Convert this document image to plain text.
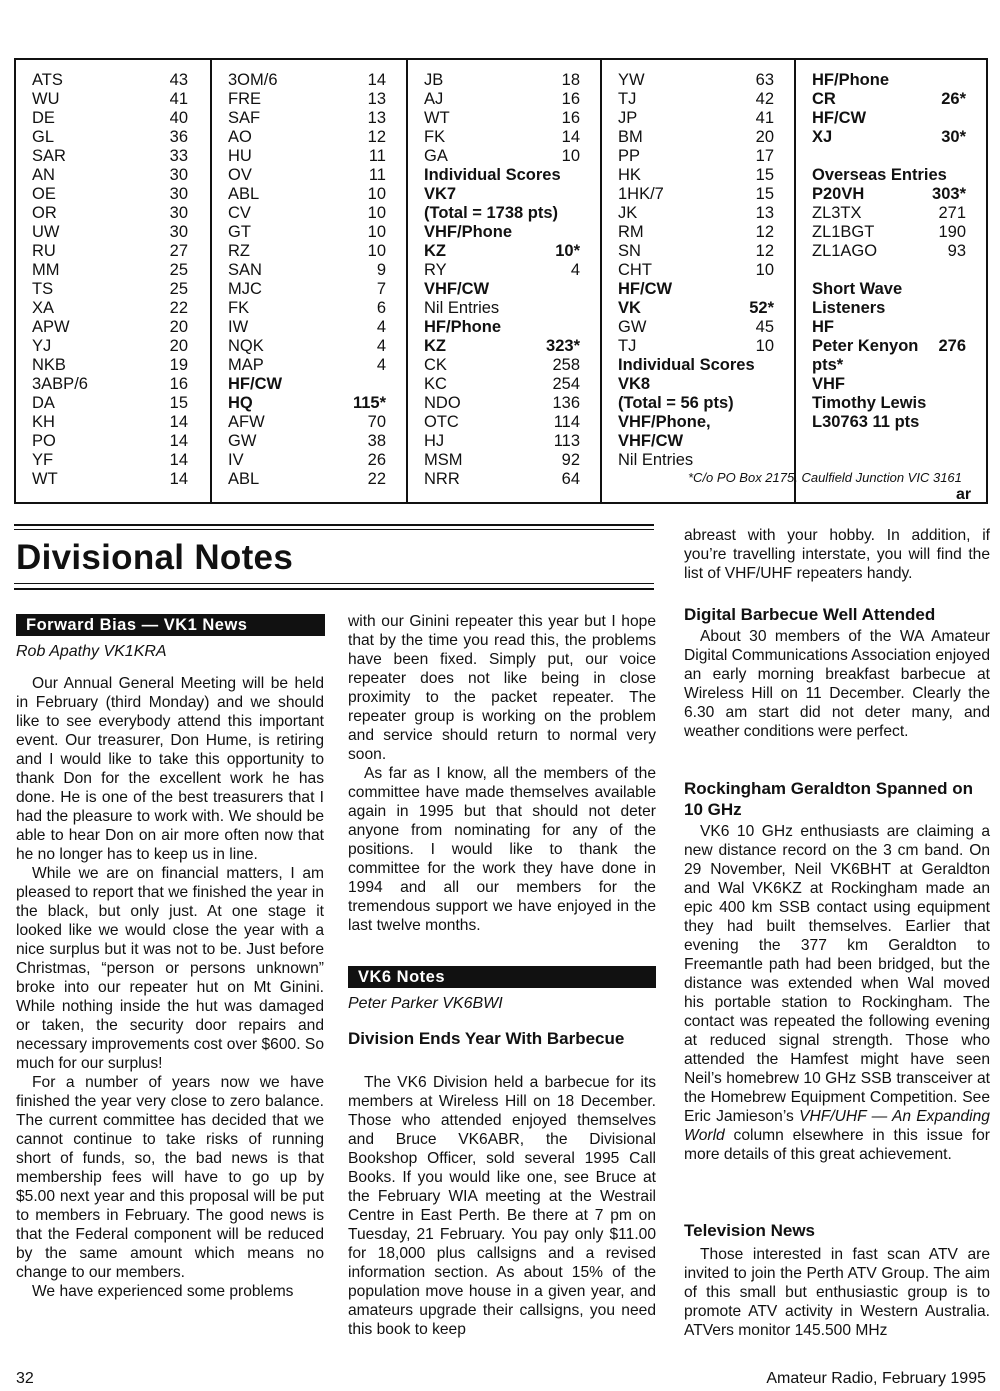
ATS	43
WU	41
DE	40
GL	36
SAR	33
AN	30
OE	30
OR	30
UW	30
RU	27
MM	25
TS	25
XA	22
APW	20
YJ	20
NKB	19
3ABP/6	16
DA	15
KH	14
PO	14
YF	14
WT	14
3OM/6	14
FRE	13
SAF	13
AO	12
HU	11
OV	11
ABL	10
CV	10
GT	10
RZ	10
SAN	9
MJC	7
FK	6
IW	4
NQK	4
MAP	4
HF/CW
HQ	115*
AFW	70
GW	38
IV	26
ABL	22
JB	18
AJ	16
WT	16
FK	14
GA	10
Individual Scores
VK7
(Total = 1738 pts)
VHF/Phone
KZ	10*
RY	4
VHF/CW
Nil Entries
HF/Phone
KZ	323*
CK	258
KC	254
NDO	136
OTC	114
HJ	113
MSM	92
NRR	64
YW	63
TJ	42
JP	41
BM	20
PP	17
HK	15
1HK/7	15
JK	13
RM	12
SN	12
CHT	10
HF/CW
VK	52*
GW	45
TJ	10
Individual Scores
VK8
(Total = 56 pts)
VHF/Phone,
VHF/CW
Nil Entries
HF/Phone
CR	26*
HF/CW
XJ	30*
Overseas Entries
P20VH	303*
ZL3TX	271
ZL1BGT	190
ZL1AGO	93
Short Wave
Listeners
HF
Peter Kenyon 276
pts*
VHF
Timothy Lewis
L30763 11 pts
*C/o PO Box 2175, Caulfield Junction VIC 3161
ar
Divisional Notes
Forward Bias — VK1 News
Rob Apathy VK1KRA

Our Annual General Meeting will be held in February (third Monday) and we should like to see everybody attend this important event. Our treasurer, Don Hume, is retiring and I would like to take this opportunity to thank Don for the excellent work he has done. He is one of the best treasurers that I had the pleasure to work with. We should be able to hear Don on air more often now that he no longer has to keep us in line.

While we are on financial matters, I am pleased to report that we finished the year in the black, but only just. At one stage it looked like we would close the year with a nice surplus but it was not to be. Just before Christmas, “person or persons unknown” broke into our repeater hut on Mt Ginini. While nothing inside the hut was damaged or taken, the security door repairs and necessary improvements cost over $600. So much for our surplus!

For a number of years now we have finished the year very close to zero balance. The current committee has decided that we cannot continue to take risks of running short of funds, so, the bad news is that membership fees will have to go up by $5.00 next year and this proposal will be put to members in February. The good news is that the Federal component will be reduced by the same amount which means no change to our members.

We have experienced some problems

with our Ginini repeater this year but I hope that by the time you read this, the problems have been fixed. Simply put, our voice repeater does not like being in close proximity to the packet repeater. The repeater group is working on the problem and service should return to normal very soon.

As far as I know, all the members of the committee have made themselves available again in 1995 but that should not deter anyone from nominating for any of the positions. I would like to thank the committee for the work they have done in 1994 and all our members for the tremendous support we have enjoyed in the last twelve months.

VK6 Notes
Peter Parker VK6BWI
Division Ends Year With Barbecue

The VK6 Division held a barbecue for its members at Wireless Hill on 18 December. Those who attended enjoyed themselves and Bruce VK6ABR, the Divisional Bookshop Officer, sold several 1995 Call Books. If you would like one, see Bruce at the February WIA meeting at the Westrail Centre in East Perth. Be there at 7 pm on Tuesday, 21 February. You pay only $11.00 for 18,000 plus callsigns and a revised information section. As about 15% of the population move house in a given year, and amateurs upgrade their callsigns, you need this book to keep

abreast with your hobby. In addition, if you’re travelling interstate, you will find the list of VHF/UHF repeaters handy.

Digital Barbecue Well Attended

About 30 members of the WA Amateur Digital Communications Association enjoyed an early morning breakfast barbecue at Wireless Hill on 11 December. Clearly the 6.30 am start did not deter many, and weather conditions were perfect.

Rockingham Geraldton Spanned on 10 GHz

VK6 10 GHz enthusiasts are claiming a new distance record on the 3 cm band. On 29 November, Neil VK6BHT at Geraldton and Wal VK6KZ at Rockingham made an epic 400 km SSB contact using equipment they had built themselves. Earlier that evening the 377 km Geraldton to Freemantle path had been bridged, but the distance was extended when Wal moved his portable station to Rockingham. The contact was repeated the following evening at reduced signal strength. Those who attended the Hamfest might have seen Neil’s homebrew 10 GHz SSB transceiver at the Homebrew Equipment Competition. See Eric Jamieson’s VHF/UHF — An Expanding World column elsewhere in this issue for more details of this great achievement.

Television News

Those interested in fast scan ATV are invited to join the Perth ATV Group. The aim of this small but enthusiastic group is to promote ATV activity in Western Australia. ATVers monitor 145.500 MHz

32	Amateur Radio, February 1995
